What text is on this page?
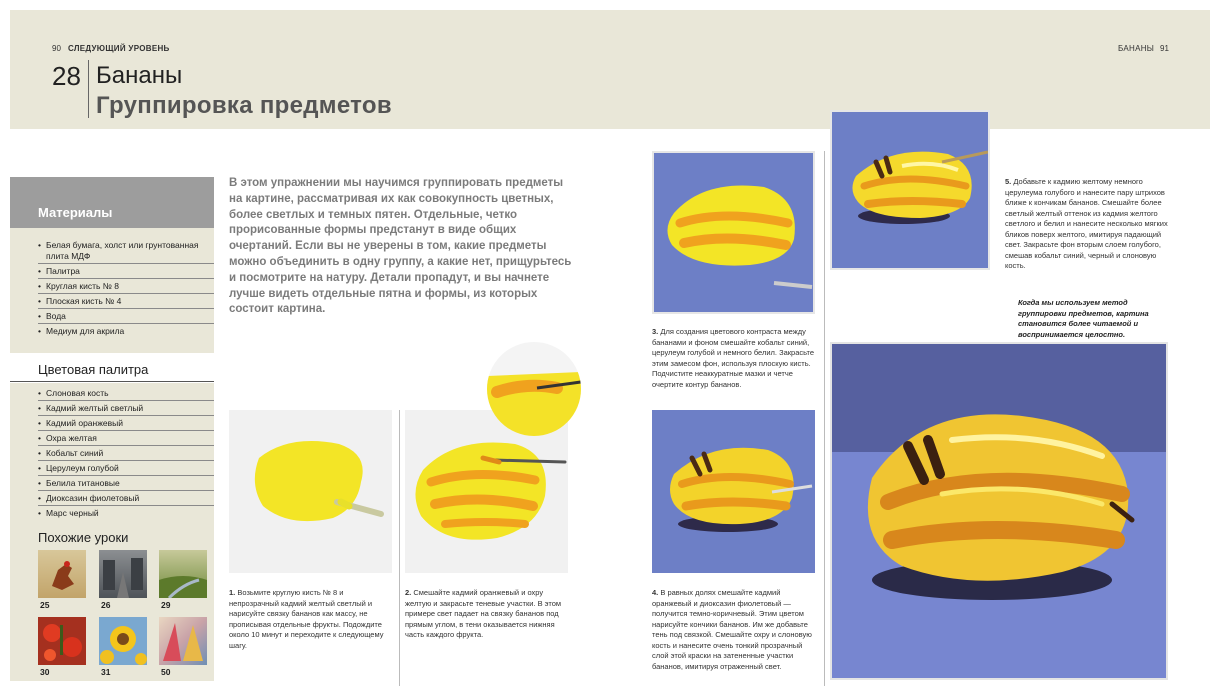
90 СЛЕДУЮЩИЙ УРОВЕНЬ	БАНАНЫ 91
28 Бананы
Группировка предметов
Материалы
• Белая бумага, холст или грунтованная плита МДФ
• Палитра
• Круглая кисть № 8
• Плоская кисть № 4
• Вода
• Медиум для акрила
Цветовая палитра
• Слоновая кость
• Кадмий желтый светлый
• Кадмий оранжевый
• Охра желтая
• Кобальт синий
• Церулеум голубой
• Белила титановые
• Диоксазин фиолетовый
• Марс черный
Похожие уроки
25	26	29
30	31	50
В этом упражнении мы научимся группировать предметы на картине, рассматривая их как совокупность цветных, более светлых и темных пятен. Отдельные, четко прорисованные формы предстанут в виде общих очертаний. Если вы не уверены в том, какие предметы можно объединить в одну группу, а какие нет, прищурьтесь и посмотрите на натуру. Детали пропадут, и вы начнете лучше видеть отдельные пятна и формы, из которых состоит картина.
1. Возьмите круглую кисть № 8 и непрозрачный кадмий желтый светлый и нарисуйте связку бананов как массу, не прописывая отдельные фрукты. Подождите около 10 минут и переходите к следующему шагу.
2. Смешайте кадмий оранжевый и охру желтую и закрасьте теневые участки. В этом примере свет падает на связку бананов под прямым углом, в тени оказывается нижняя часть каждого фрукта.
3. Для создания цветового контраста между бананами и фоном смешайте кобальт синий, церулеум голубой и немного белил. Закрасьте этим замесом фон, используя плоскую кисть. Подчистите неаккуратные мазки и четче очертите контур бананов.
4. В равных долях смешайте кадмий оранжевый и диоксазин фиолетовый — получится темно-коричневый. Этим цветом нарисуйте кончики бананов. Им же добавьте тень под связкой. Смешайте охру и слоновую кость и нанесите очень тонкий прозрачный слой этой краски на затененные участки бананов, имитируя отраженный свет.
5. Добавьте к кадмию желтому немного церулеума голубого и нанесите пару штрихов ближе к кончикам бананов. Смешайте более светлый желтый оттенок из кадмия желтого светлого и белил и нанесите несколько мягких бликов поверх желтого, имитируя падающий свет. Закрасьте фон вторым слоем голубого, смешав кобальт синий, черный и слоновую кость.
Когда мы используем метод группировки предметов, картина становится более читаемой и воспринимается целостно.
